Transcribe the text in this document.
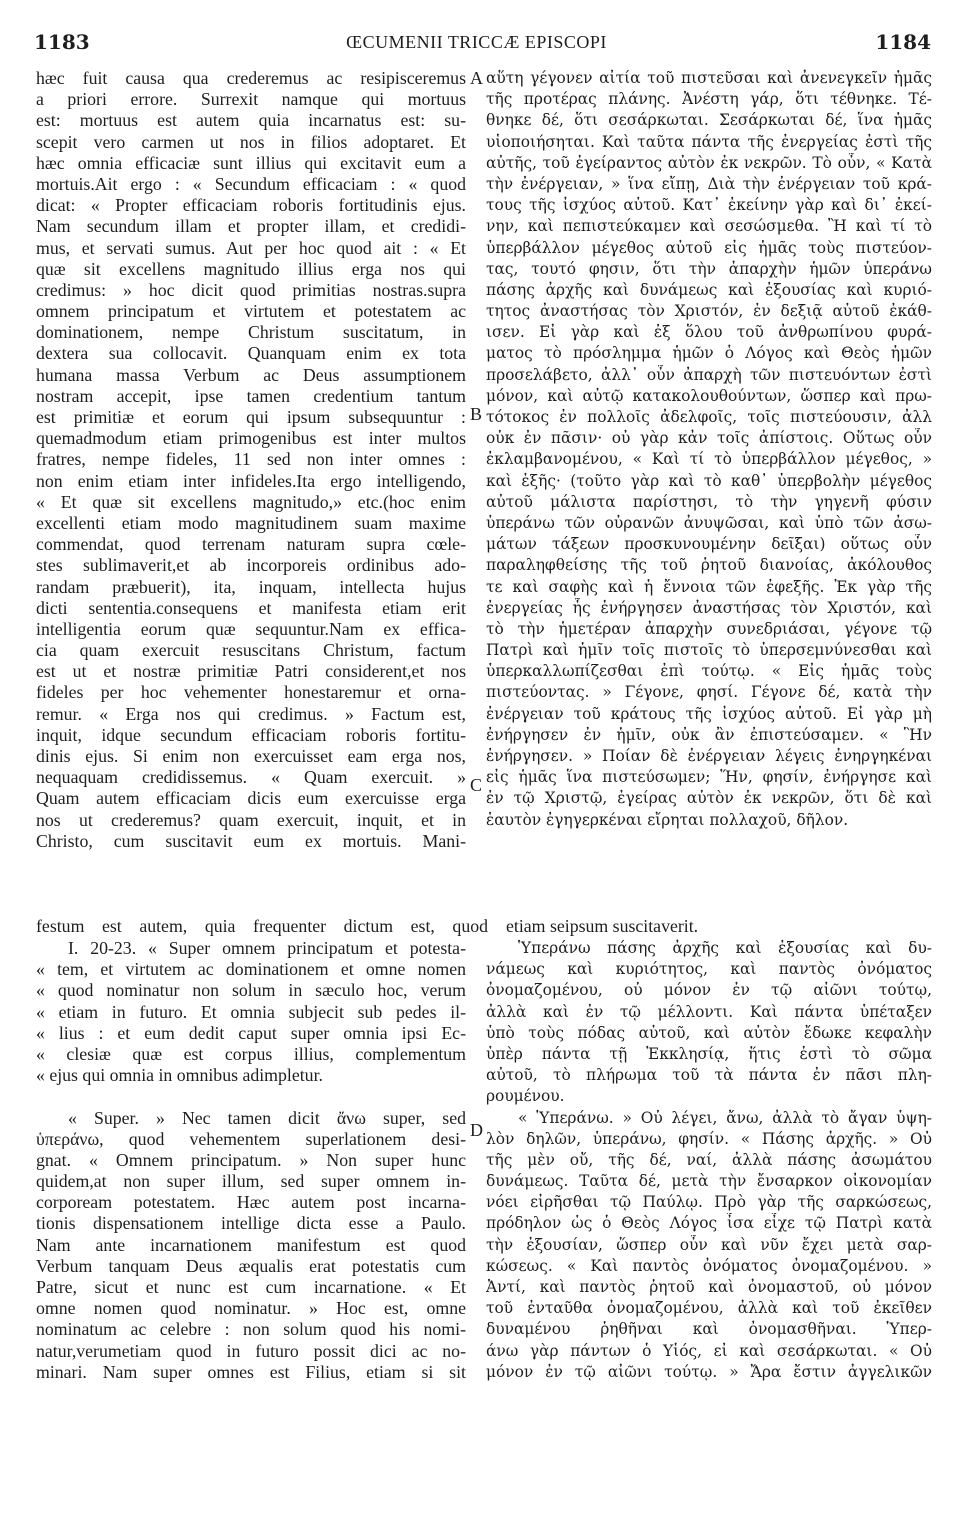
1183	ŒCUMENII TRICCÆ EPISCOPI	1184
hæc fuit causa qua crederemus ac resipisceremus
a priori errore. Surrexit namque qui mortuus
est: mortuus est autem quia incarnatus est: su-
scepit vero carmen ut nos in filios adoptaret. Et
hæc omnia efficaciæ sunt illius qui excitavit eum a
mortuis.Ait ergo : « Secundum efficaciam : « quod
dicat: « Propter efficaciam roboris fortitudinis ejus.
Nam secundum illam et propter illam, et credidi-
mus, et servati sumus. Aut per hoc quod ait : « Et
quæ sit excellens magnitudo illius erga nos qui
credimus: » hoc dicit quod primitias nostras.supra
omnem principatum et virtutem et potestatem ac
dominationem, nempe Christum suscitatum, in
dextera sua collocavit. Quanquam enim ex tota
humana massa Verbum ac Deus assumptionem
nostram accepit, ipse tamen credentium tantum
est primitiæ et eorum qui ipsum subsequuntur :
quemadmodum etiam primogenibus est inter multos
fratres, nempe fideles, 11 sed non inter omnes :
non enim etiam inter infideles.Ita ergo intelligendo,
« Et quæ sit excellens magnitudo,» etc.(hoc enim
excellenti etiam modo magnitudinem suam maxime
commendat, quod terrenam naturam supra cœle-
stes sublimaverit,et ab incorporeis ordinibus ado-
randam præbuerit), ita, inquam, intellecta hujus
dicti sententia.consequens et manifesta etiam erit
intelligentia eorum quæ sequuntur.Nam ex effica-
cia quam exercuit resuscitans Christum, factum
est ut et nostræ primitiæ Patri considerent,et nos
fideles per hoc vehementer honestaremur et orna-
remur. « Erga nos qui credimus. » Factum est,
inquit, idque secundum efficaciam roboris fortitu-
dinis ejus. Si enim non exercuisset eam erga nos,
nequaquam credidissemus. « Quam exercuit. »
Quam autem efficaciam dicis eum exercuisse erga
nos ut crederemus? quam exercuit, inquit, et in
Christo, cum suscitavit eum ex mortuis. Mani-
αὕτη γέγονεν αἰτία τοῦ πιστεῦσαι καὶ ἀνενεγκεῖν ἡμᾶς
τῆς προτέρας πλάνης. Ἀνέστη γάρ, ὅτι τέθνηκε. Τέ-
θνηκε δέ, ὅτι σεσάρκωται. Σεσάρκωται δέ, ἵνα ἡμᾶς
υἱοποιήσηται. Καὶ ταῦτα πάντα τῆς ἐνεργείας ἐστὶ τῆς
αὐτῆς, τοῦ ἐγείραντος αὐτὸν ἐκ νεκρῶν. Τὸ οὖν, « Κατὰ
τὴν ἐνέργειαν, » ἵνα εἴπῃ, Διὰ τὴν ἐνέργειαν τοῦ κρά-
τους τῆς ἰσχύος αὐτοῦ. Κατ᾽ ἐκείνην γὰρ καὶ δι᾽ ἐκεί-
νην, καὶ πεπιστεύκαμεν καὶ σεσώσμεθα. Ἢ καὶ τί τὸ
ὑπερβάλλον μέγεθος αὐτοῦ εἰς ἡμᾶς τοὺς πιστεύον-
τας, τουτό φησιν, ὅτι τὴν ἀπαρχὴν ἡμῶν ὑπεράνω
πάσης ἀρχῆς καὶ δυνάμεως καὶ ἐξουσίας καὶ κυριό-
τητος ἀναστήσας τὸν Χριστόν, ἐν δεξιᾷ αὐτοῦ ἐκάθ-
ισεν. Εἰ γὰρ καὶ ἐξ ὅλου τοῦ ἀνθρωπίνου φυρά-
ματος τὸ πρόσλημμα ἡμῶν ὁ Λόγος καὶ Θεὸς ἡμῶν
προσελάβετο, ἀλλ᾽ οὖν ἀπαρχὴ τῶν πιστευόντων ἐστὶ
μόνον, καὶ αὐτῷ κατακολουθούντων, ὥσπερ καὶ πρω-
τότοκος ἐν πολλοῖς ἀδελφοῖς, τοῖς πιστεύουσιν, ἀλλ
οὐκ ἐν πᾶσιν· οὐ γὰρ κἀν τοῖς ἀπίστοις. Οὕτως οὖν
ἐκλαμβανομένου, « Καὶ τί τὸ ὑπερβάλλον μέγεθος, »
καὶ ἑξῆς· (τοῦτο γὰρ καὶ τὸ καθ᾽ ὑπερβολὴν μέγεθος
αὐτοῦ μάλιστα παρίστησι, τὸ τὴν γηγενῆ φύσιν
ὑπεράνω τῶν οὐρανῶν ἀνυψῶσαι, καὶ ὑπὸ τῶν ἀσω-
μάτων τάξεων προσκυνουμένην δεῖξαι) οὕτως οὖν
παραληφθείσης τῆς τοῦ ῥητοῦ διανοίας, ἀκόλουθος
τε καὶ σαφὴς καὶ ἡ ἔννοια τῶν ἐφεξῆς. Ἐκ γὰρ τῆς
ἐνεργείας ἧς ἐνήργησεν ἀναστήσας τὸν Χριστόν, καὶ
τὸ τὴν ἡμετέραν ἀπαρχὴν συνεδριάσαι, γέγονε τῷ
Πατρὶ καὶ ἡμῖν τοῖς πιστοῖς τὸ ὑπερσεμνύνεσθαι καὶ
ὑπερκαλλωπίζεσθαι ἐπὶ τούτῳ. « Εἰς ἡμᾶς τοὺς
πιστεύοντας. » Γέγονε, φησί. Γέγονε δέ, κατὰ τὴν
ἐνέργειαν τοῦ κράτους τῆς ἰσχύος αὐτοῦ. Εἰ γὰρ μὴ
ἐνήργησεν ἐν ἡμῖν, οὐκ ἂν ἐπιστεύσαμεν. « Ἣν
ἐνήργησεν. » Ποίαν δὲ ἐνέργειαν λέγεις ἐνηργηκέναι
εἰς ἡμᾶς ἵνα πιστεύσωμεν; Ἥν, φησίν, ἐνήργησε καὶ
ἐν τῷ Χριστῷ, ἐγείρας αὐτὸν ἐκ νεκρῶν, ὅτι δὲ καὶ
ἑαυτὸν ἐγηγερκέναι εἴρηται πολλαχοῦ, δῆλον.
festum est autem, quia frequenter dictum est, quod etiam seipsum suscitaverit.
I. 20-23. « Super omnem principatum et potesta-
« tem, et virtutem ac dominationem et omne nomen
« quod nominatur non solum in sæculo hoc, verum
« etiam in futuro. Et omnia subjecit sub pedes il-
« lius : et eum dedit caput super omnia ipsi Ec-
« clesiæ quæ est corpus illius, complementum
« ejus qui omnia in omnibus adimpletur.
« Super. » Nec tamen dicit ἄνω super, sed
ὑπεράνω, quod vehementem superlationem desi-
gnat. « Omnem principatum. » Non super hunc
quidem,at non super illum, sed super omnem in-
corpoream potestatem. Hæc autem post incarna-
tionis dispensationem intellige dicta esse a Paulo.
Nam ante incarnationem manifestum est quod
Verbum tanquam Deus æqualis erat potestatis cum
Patre, sicut et nunc est cum incarnatione. « Et
omne nomen quod nominatur. » Hoc est, omne
nominatum ac celebre : non solum quod his nomi-
natur,verumetiam quod in futuro possit dici ac no-
minari. Nam super omnes est Filius, etiam si sit
Ὑπεράνω πάσης ἀρχῆς καὶ ἐξουσίας καὶ δυ-
νάμεως καὶ κυριότητος, καὶ παντὸς ὀνόματος
ὀνομαζομένου, οὐ μόνον ἐν τῷ αἰῶνι τούτῳ,
ἀλλὰ καὶ ἐν τῷ μέλλοντι. Καὶ πάντα ὑπέταξεν
ὑπὸ τοὺς πόδας αὐτοῦ, καὶ αὐτὸν ἔδωκε κεφαλὴν
ὑπὲρ πάντα τῇ Ἐκκλησίᾳ, ἥτις ἐστὶ τὸ σῶμα
αὐτοῦ, τὸ πλήρωμα τοῦ τὰ πάντα ἐν πᾶσι πλη-
ρουμένου.
« Ὑπεράνω. » Οὐ λέγει, ἄνω, ἀλλὰ τὸ ἄγαν ὑψη-
λὸν δηλῶν, ὑπεράνω, φησίν. « Πάσης ἀρχῆς. » Οὐ
τῆς μὲν οὔ, τῆς δέ, ναί, ἀλλὰ πάσης ἀσωμάτου
δυνάμεως. Ταῦτα δέ, μετὰ τὴν ἔνσαρκον οἰκονομίαν
νόει εἰρῆσθαι τῷ Παύλῳ. Πρὸ γὰρ τῆς σαρκώσεως,
πρόδηλον ὡς ὁ Θεὸς Λόγος ἶσα εἶχε τῷ Πατρὶ κατὰ
τὴν ἐξουσίαν, ὥσπερ οὖν καὶ νῦν ἔχει μετὰ σαρ-
κώσεως. « Καὶ παντὸς ὀνόματος ὀνομαζομένου. »
Ἀντί, καὶ παντὸς ῥητοῦ καὶ ὀνομαστοῦ, οὐ μόνον
τοῦ ἐνταῦθα ὀνομαζομένου, ἀλλὰ καὶ τοῦ ἐκεῖθεν
δυναμένου ῥηθῆναι καὶ ὀνομασθῆναι. Ὑπερ-
άνω γὰρ πάντων ὁ Υἱός, εἰ καὶ σεσάρκωται. « Οὐ
μόνον ἐν τῷ αἰῶνι τούτῳ. » Ἄρα ἔστιν ἀγγελικῶν
A
B
C
D
